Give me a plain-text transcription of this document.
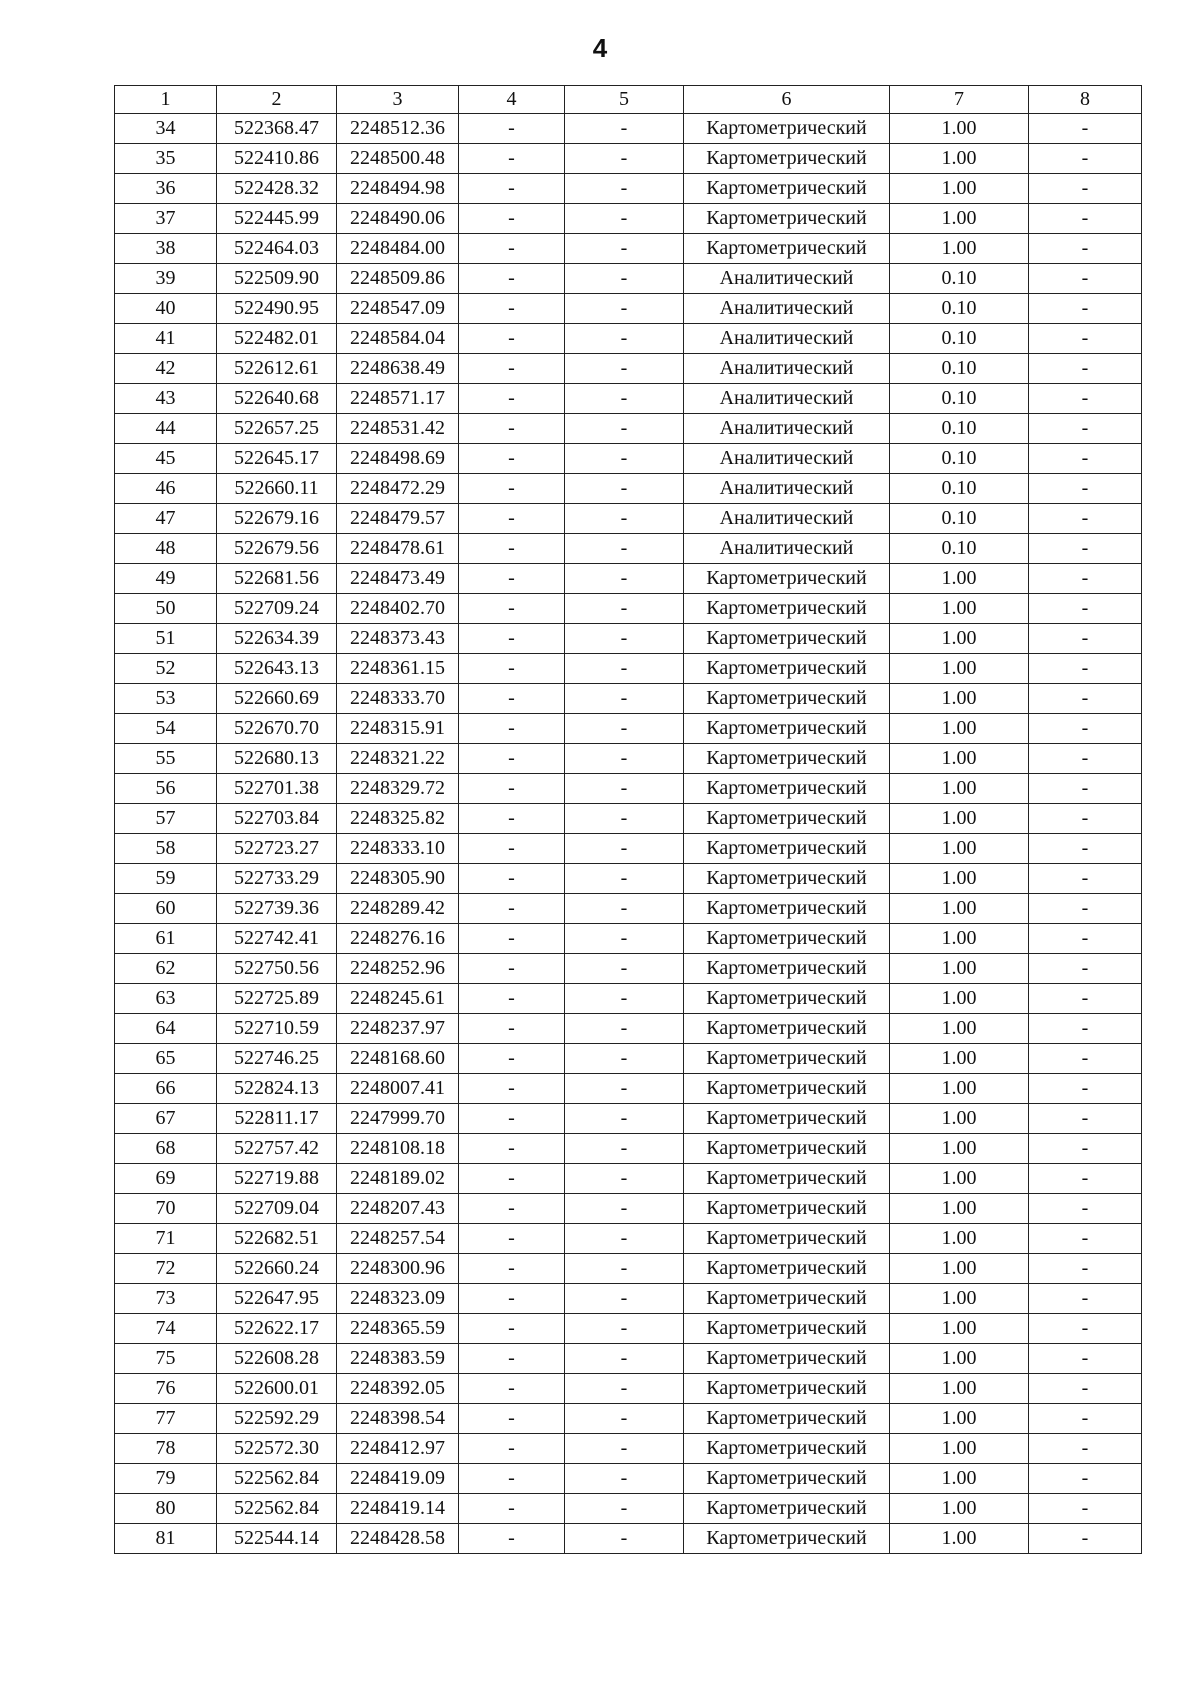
4
1	2	3	4	5	6	7	8
34	522368.47	2248512.36	-	-	Картометрический	1.00	-
35	522410.86	2248500.48	-	-	Картометрический	1.00	-
36	522428.32	2248494.98	-	-	Картометрический	1.00	-
37	522445.99	2248490.06	-	-	Картометрический	1.00	-
38	522464.03	2248484.00	-	-	Картометрический	1.00	-
39	522509.90	2248509.86	-	-	Аналитический	0.10	-
40	522490.95	2248547.09	-	-	Аналитический	0.10	-
41	522482.01	2248584.04	-	-	Аналитический	0.10	-
42	522612.61	2248638.49	-	-	Аналитический	0.10	-
43	522640.68	2248571.17	-	-	Аналитический	0.10	-
44	522657.25	2248531.42	-	-	Аналитический	0.10	-
45	522645.17	2248498.69	-	-	Аналитический	0.10	-
46	522660.11	2248472.29	-	-	Аналитический	0.10	-
47	522679.16	2248479.57	-	-	Аналитический	0.10	-
48	522679.56	2248478.61	-	-	Аналитический	0.10	-
49	522681.56	2248473.49	-	-	Картометрический	1.00	-
50	522709.24	2248402.70	-	-	Картометрический	1.00	-
51	522634.39	2248373.43	-	-	Картометрический	1.00	-
52	522643.13	2248361.15	-	-	Картометрический	1.00	-
53	522660.69	2248333.70	-	-	Картометрический	1.00	-
54	522670.70	2248315.91	-	-	Картометрический	1.00	-
55	522680.13	2248321.22	-	-	Картометрический	1.00	-
56	522701.38	2248329.72	-	-	Картометрический	1.00	-
57	522703.84	2248325.82	-	-	Картометрический	1.00	-
58	522723.27	2248333.10	-	-	Картометрический	1.00	-
59	522733.29	2248305.90	-	-	Картометрический	1.00	-
60	522739.36	2248289.42	-	-	Картометрический	1.00	-
61	522742.41	2248276.16	-	-	Картометрический	1.00	-
62	522750.56	2248252.96	-	-	Картометрический	1.00	-
63	522725.89	2248245.61	-	-	Картометрический	1.00	-
64	522710.59	2248237.97	-	-	Картометрический	1.00	-
65	522746.25	2248168.60	-	-	Картометрический	1.00	-
66	522824.13	2248007.41	-	-	Картометрический	1.00	-
67	522811.17	2247999.70	-	-	Картометрический	1.00	-
68	522757.42	2248108.18	-	-	Картометрический	1.00	-
69	522719.88	2248189.02	-	-	Картометрический	1.00	-
70	522709.04	2248207.43	-	-	Картометрический	1.00	-
71	522682.51	2248257.54	-	-	Картометрический	1.00	-
72	522660.24	2248300.96	-	-	Картометрический	1.00	-
73	522647.95	2248323.09	-	-	Картометрический	1.00	-
74	522622.17	2248365.59	-	-	Картометрический	1.00	-
75	522608.28	2248383.59	-	-	Картометрический	1.00	-
76	522600.01	2248392.05	-	-	Картометрический	1.00	-
77	522592.29	2248398.54	-	-	Картометрический	1.00	-
78	522572.30	2248412.97	-	-	Картометрический	1.00	-
79	522562.84	2248419.09	-	-	Картометрический	1.00	-
80	522562.84	2248419.14	-	-	Картометрический	1.00	-
81	522544.14	2248428.58	-	-	Картометрический	1.00	-
